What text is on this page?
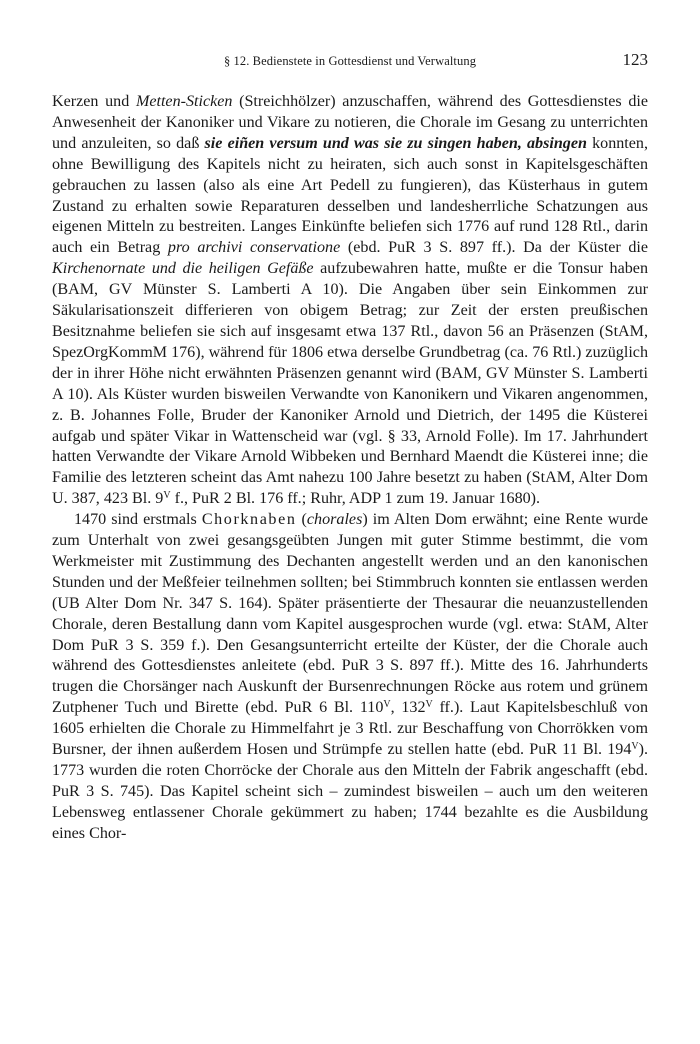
§ 12. Bedienstete in Gottesdienst und Verwaltung	123

Kerzen und Metten-Sticken (Streichhölzer) anzuschaffen, während des Gottesdienstes die Anwesenheit der Kanoniker und Vikare zu notieren, die Chorale im Gesang zu unterrichten und anzuleiten, so daß sie eiñen versum und was sie zu singen haben, absingen konnten, ohne Bewilligung des Kapitels nicht zu heiraten, sich auch sonst in Kapitelsgeschäften gebrauchen zu lassen (also als eine Art Pedell zu fungieren), das Küsterhaus in gutem Zustand zu erhalten sowie Reparaturen desselben und landesherrliche Schatzungen aus eigenen Mitteln zu bestreiten. Langes Einkünfte beliefen sich 1776 auf rund 128 Rtl., darin auch ein Betrag pro archivi conservatione (ebd. PuR 3 S. 897 ff.). Da der Küster die Kirchenornate und die heiligen Gefäße aufzubewahren hatte, mußte er die Tonsur haben (BAM, GV Münster S. Lamberti A 10). Die Angaben über sein Einkommen zur Säkularisationszeit differieren von obigem Betrag; zur Zeit der ersten preußischen Besitznahme beliefen sie sich auf insgesamt etwa 137 Rtl., davon 56 an Präsenzen (StAM, SpezOrgKommM 176), während für 1806 etwa derselbe Grundbetrag (ca. 76 Rtl.) zuzüglich der in ihrer Höhe nicht erwähnten Präsenzen genannt wird (BAM, GV Münster S. Lamberti A 10). Als Küster wurden bisweilen Verwandte von Kanonikern und Vikaren angenommen, z. B. Johannes Folle, Bruder der Kanoniker Arnold und Dietrich, der 1495 die Küsterei aufgab und später Vikar in Wattenscheid war (vgl. § 33, Arnold Folle). Im 17. Jahrhundert hatten Verwandte der Vikare Arnold Wibbeken und Bernhard Maendt die Küsterei inne; die Familie des letzteren scheint das Amt nahezu 100 Jahre besetzt zu haben (StAM, Alter Dom U. 387, 423 Bl. $9^V$ f., PuR 2 Bl. 176 ff.; Ruhr, ADP 1 zum 19. Januar 1680).

1470 sind erstmals Chorknaben (chorales) im Alten Dom erwähnt; eine Rente wurde zum Unterhalt von zwei gesangsgeübten Jungen mit guter Stimme bestimmt, die vom Werkmeister mit Zustimmung des Dechanten angestellt werden und an den kanonischen Stunden und der Meßfeier teilnehmen sollten; bei Stimmbruch konnten sie entlassen werden (UB Alter Dom Nr. 347 S. 164). Später präsentierte der Thesaurar die neuanzustellenden Chorale, deren Bestallung dann vom Kapitel ausgesprochen wurde (vgl. etwa: StAM, Alter Dom PuR 3 S. 359 f.). Den Gesangsunterricht erteilte der Küster, der die Chorale auch während des Gottesdienstes anleitete (ebd. PuR 3 S. 897 ff.). Mitte des 16. Jahrhunderts trugen die Chorsänger nach Auskunft der Bursenrechnungen Röcke aus rotem und grünem Zutphener Tuch und Birette (ebd. PuR 6 Bl. $110^V$, $132^V$ ff.). Laut Kapitelsbeschluß von 1605 erhielten die Chorale zu Himmelfahrt je 3 Rtl. zur Beschaffung von Chorrökken vom Bursner, der ihnen außerdem Hosen und Strümpfe zu stellen hatte (ebd. PuR 11 Bl. $194^V$). 1773 wurden die roten Chorröcke der Chorale aus den Mitteln der Fabrik angeschafft (ebd. PuR 3 S. 745). Das Kapitel scheint sich – zumindest bisweilen – auch um den weiteren Lebensweg entlassener Chorale gekümmert zu haben; 1744 bezahlte es die Ausbildung eines Chor-
